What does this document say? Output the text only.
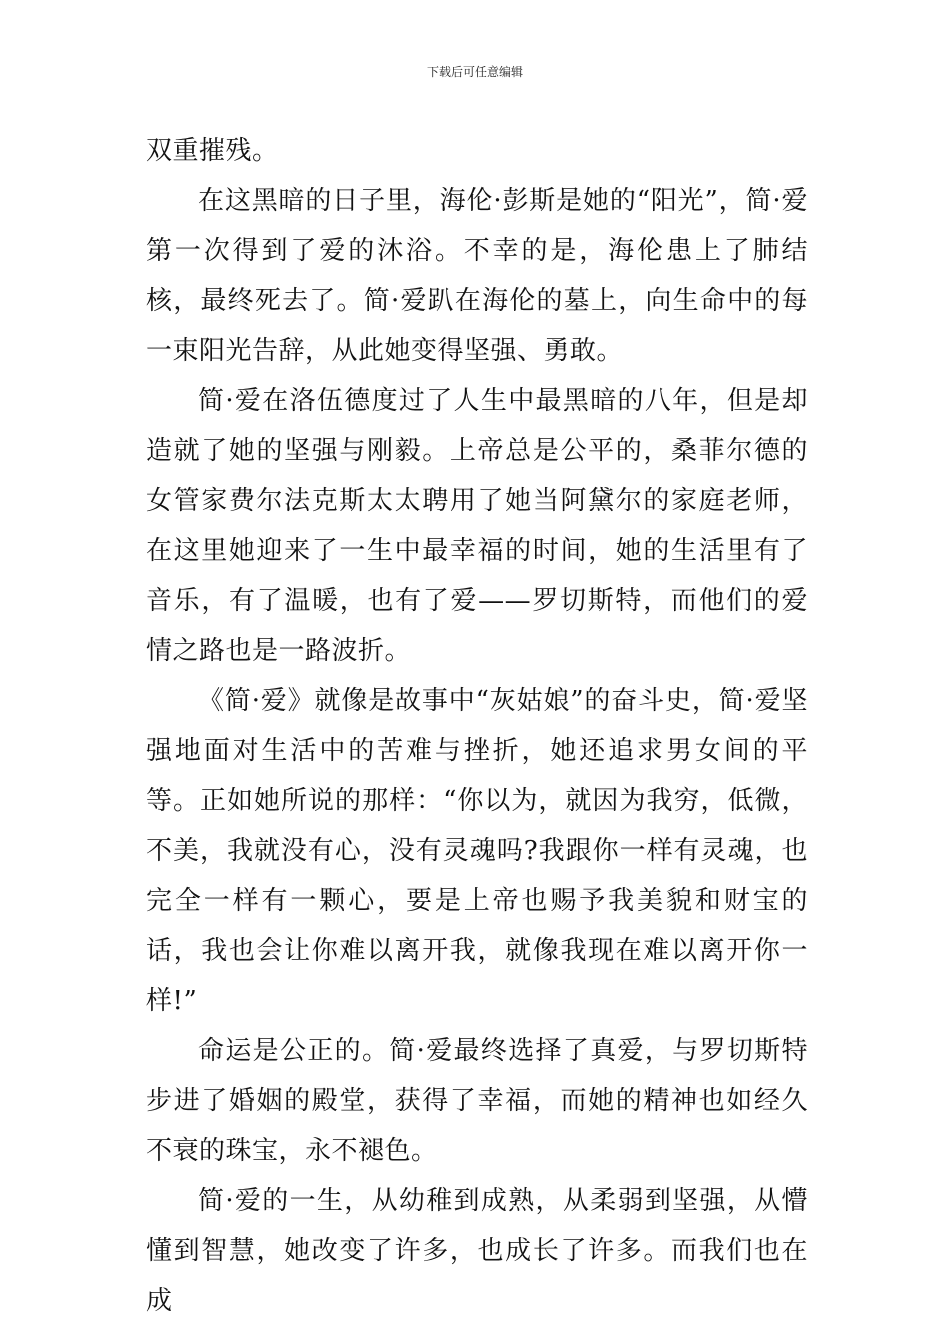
下载后可任意编辑

双重摧残。

在这黑暗的日子里，海伦·彭斯是她的“阳光”，简·爱第一次得到了爱的沐浴。不幸的是，海伦患上了肺结核，最终死去了。简·爱趴在海伦的墓上，向生命中的每一束阳光告辞，从此她变得坚强、勇敢。

简·爱在洛伍德度过了人生中最黑暗的八年，但是却造就了她的坚强与刚毅。上帝总是公平的，桑菲尔德的女管家费尔法克斯太太聘用了她当阿黛尔的家庭老师，在这里她迎来了一生中最幸福的时间，她的生活里有了音乐，有了温暖，也有了爱——罗切斯特，而他们的爱情之路也是一路波折。

《简·爱》就像是故事中“灰姑娘”的奋斗史，简·爱坚强地面对生活中的苦难与挫折，她还追求男女间的平等。正如她所说的那样：“你以为，就因为我穷，低微，不美，我就没有心，没有灵魂吗?我跟你一样有灵魂，也完全一样有一颗心，要是上帝也赐予我美貌和财宝的话，我也会让你难以离开我，就像我现在难以离开你一样!”

命运是公正的。简·爱最终选择了真爱，与罗切斯特步进了婚姻的殿堂，获得了幸福，而她的精神也如经久不衰的珠宝，永不褪色。

简·爱的一生，从幼稚到成熟，从柔弱到坚强，从懵懂到智慧，她改变了许多，也成长了许多。而我们也在成
